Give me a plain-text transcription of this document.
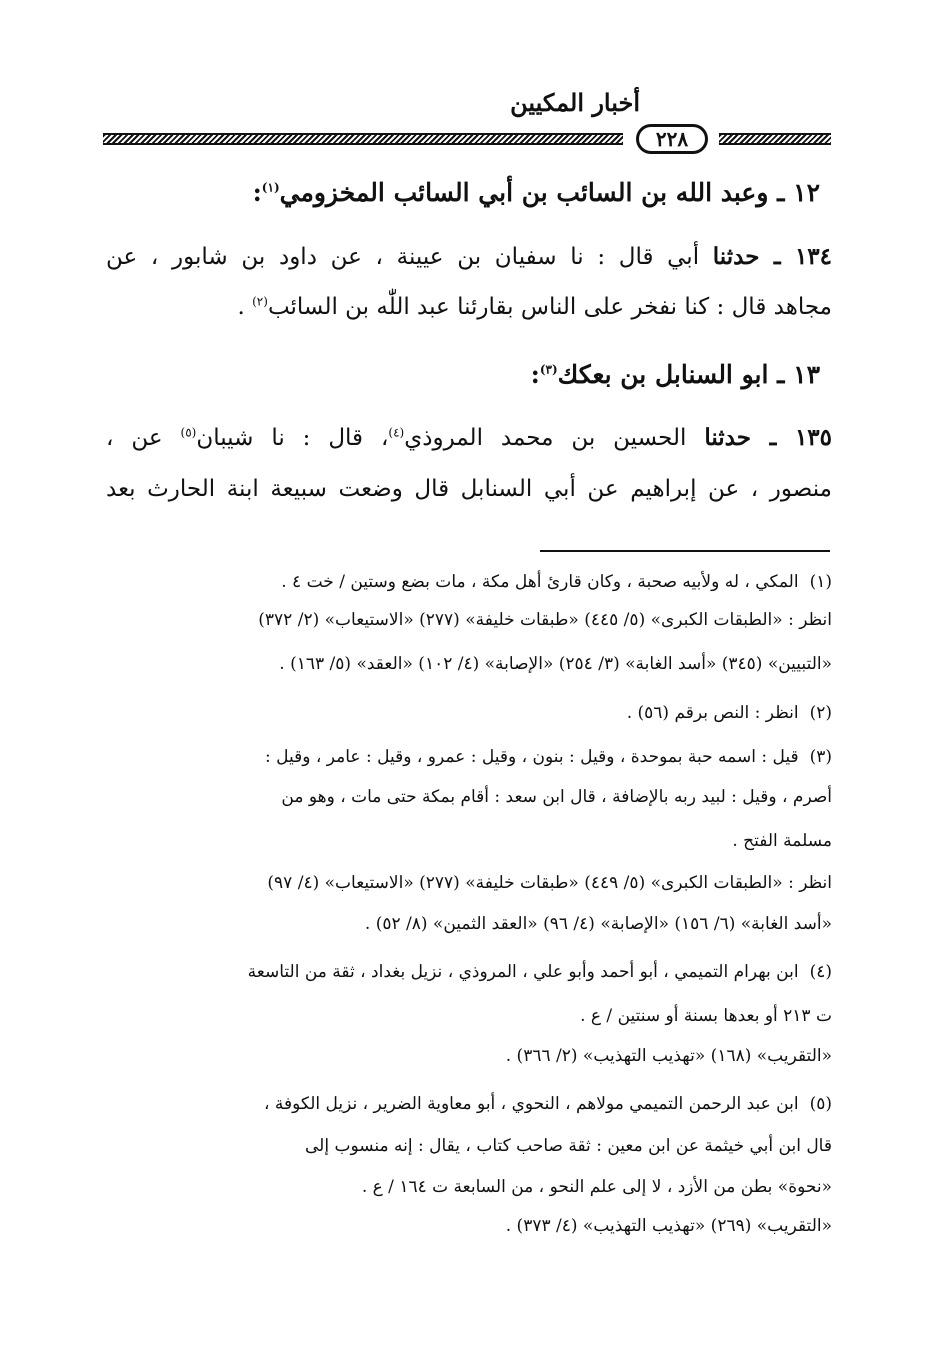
أخبار المكيين
٢٢٨
١٢ ـ وعبد الله بن السائب بن أبي السائب المخزومي$^{(١)}$:
١٣٤ ـ حدثنا أبي قال : نا سفيان بن عيينة ، عن داود بن شابور ، عن
مجاهد قال : كنا نفخر على الناس بقارئنا عبد اللّٰه بن السائب$^{(٢)}$ .
١٣ ـ ابو السنابل بن بعكك$^{(٣)}$:
١٣٥ ـ حدثنا الحسين بن محمد المروذي$^{(٤)}$، قال : نا شيبان$^{(٥)}$ عن ،
منصور ، عن إبراهيم عن أبي السنابل قال وضعت سبيعة ابنة الحارث بعد
(١) المكي ، له ولأبيه صحبة ، وكان قارئ أهل مكة ، مات بضع وستين / خت ٤ .
انظر : «الطبقات الكبرى» (٥/ ٤٤٥) «طبقات خليفة» (٢٧٧) «الاستيعاب» (٢/ ٣٧٢)
«التبيين» (٣٤٥) «أسد الغابة» (٣/ ٢٥٤) «الإصابة» (٤/ ١٠٢) «العقد» (٥/ ١٦٣) .
(٢) انظر : النص برقم (٥٦) .
(٣) قيل : اسمه حبة بموحدة ، وقيل : بنون ، وقيل : عمرو ، وقيل : عامر ، وقيل :
أصرم ، وقيل : لبيد ربه بالإضافة ، قال ابن سعد : أقام بمكة حتى مات ، وهو من
مسلمة الفتح .
انظر : «الطبقات الكبرى» (٥/ ٤٤٩) «طبقات خليفة» (٢٧٧) «الاستيعاب» (٤/ ٩٧)
«أسد الغابة» (٦/ ١٥٦) «الإصابة» (٤/ ٩٦) «العقد الثمين» (٨/ ٥٢) .
(٤) ابن بهرام التميمي ، أبو أحمد وأبو علي ، المروذي ، نزيل بغداد ، ثقة من التاسعة
ت ٢١٣ أو بعدها بسنة أو سنتين / ع .
«التقريب» (١٦٨) «تهذيب التهذيب» (٢/ ٣٦٦) .
(٥) ابن عبد الرحمن التميمي مولاهم ، النحوي ، أبو معاوية الضرير ، نزيل الكوفة ،
قال ابن أبي خيثمة عن ابن معين : ثقة صاحب كتاب ، يقال : إنه منسوب إلى
«نحوة» بطن من الأزد ، لا إلى علم النحو ، من السابعة ت ١٦٤ / ع .
«التقريب» (٢٦٩) «تهذيب التهذيب» (٤/ ٣٧٣) .
